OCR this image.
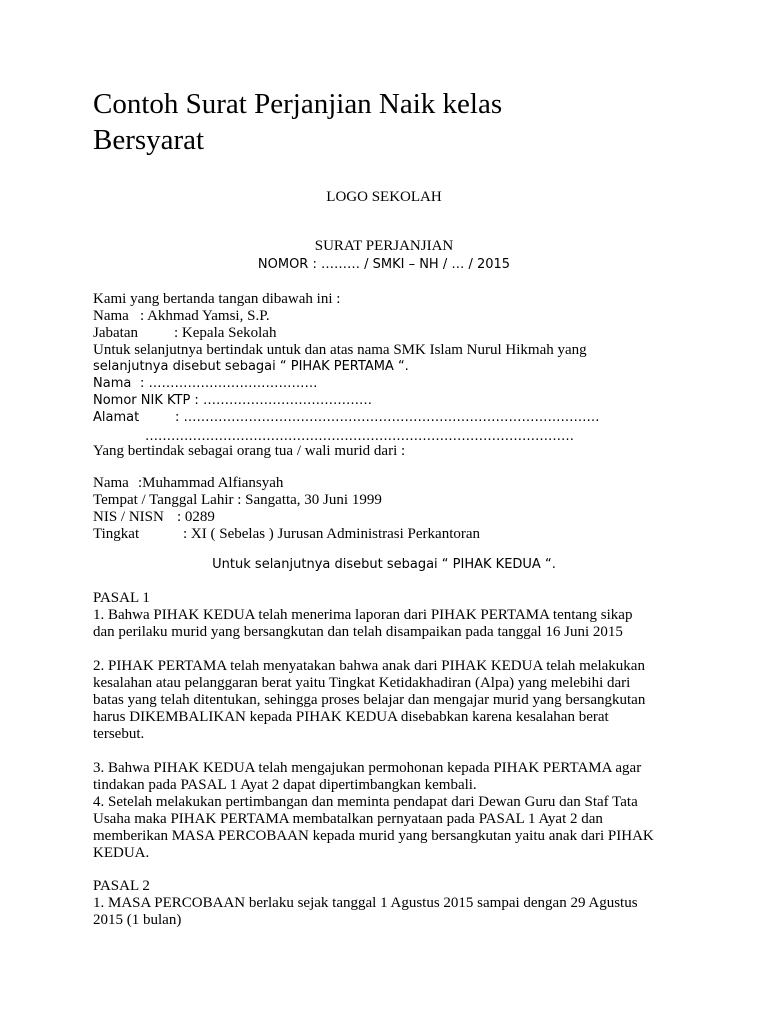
Contoh Surat Perjanjian Naik kelas
Bersyarat
LOGO SEKOLAH
SURAT PERJANJIAN
NOMOR : ……… / SMKI – NH / … / 2015
Kami yang bertanda tangan dibawah ini :
Nama : Akhmad Yamsi, S.P.
Jabatan : Kepala Sekolah
Untuk selanjutnya bertindak untuk dan atas nama SMK Islam Nurul Hikmah yang
selanjutnya disebut sebagai “ PIHAK PERTAMA “.
Nama : …………………………………
Nomor NIK KTP : …………………………………
Alamat	: ……………………………………………………………………………………
………………………………………………………………………………………
Yang bertindak sebagai orang tua / wali murid dari :
Nama :Muhammad Alfiansyah
Tempat / Tanggal Lahir : Sangatta, 30 Juni 1999
NIS / NISN : 0289
Tingkat	: XI ( Sebelas ) Jurusan Administrasi Perkantoran
Untuk selanjutnya disebut sebagai “ PIHAK KEDUA “.
PASAL 1
1. Bahwa PIHAK KEDUA telah menerima laporan dari PIHAK PERTAMA tentang sikap
dan perilaku murid yang bersangkutan dan telah disampaikan pada tanggal 16 Juni 2015
2. PIHAK PERTAMA telah menyatakan bahwa anak dari PIHAK KEDUA telah melakukan
kesalahan atau pelanggaran berat yaitu Tingkat Ketidakhadiran (Alpa) yang melebihi dari
batas yang telah ditentukan, sehingga proses belajar dan mengajar murid yang bersangkutan
harus DIKEMBALIKAN kepada PIHAK KEDUA disebabkan karena kesalahan berat
tersebut.
3. Bahwa PIHAK KEDUA telah mengajukan permohonan kepada PIHAK PERTAMA agar
tindakan pada PASAL 1 Ayat 2 dapat dipertimbangkan kembali.
4. Setelah melakukan pertimbangan dan meminta pendapat dari Dewan Guru dan Staf Tata
Usaha maka PIHAK PERTAMA membatalkan pernyataan pada PASAL 1 Ayat 2 dan
memberikan MASA PERCOBAAN kepada murid yang bersangkutan yaitu anak dari PIHAK
KEDUA.
PASAL 2
1. MASA PERCOBAAN berlaku sejak tanggal 1 Agustus 2015 sampai dengan 29 Agustus
2015 (1 bulan)
